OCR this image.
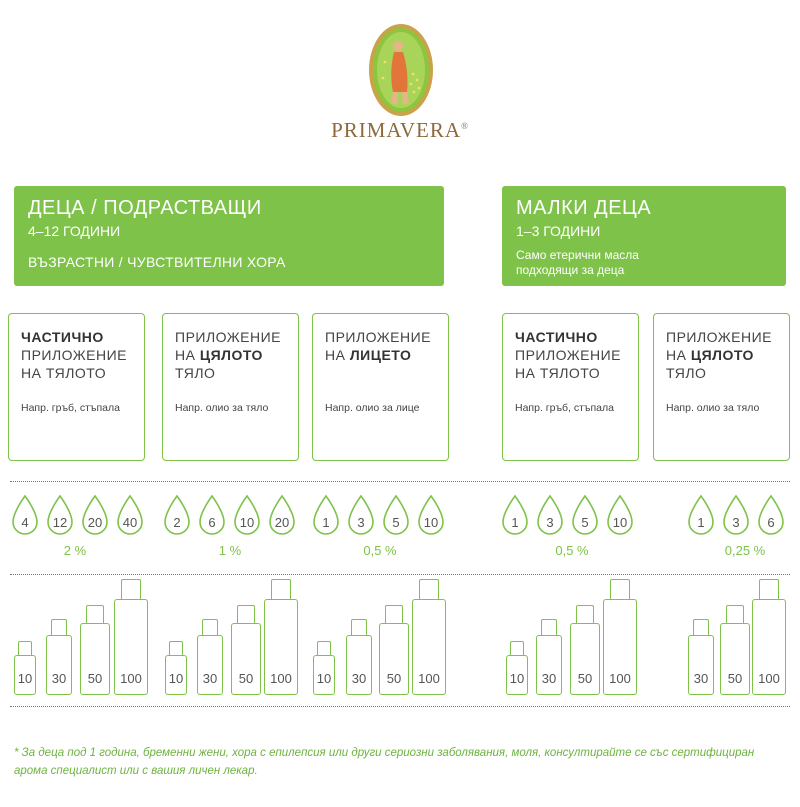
PRIMAVERA®
ДЕЦА / ПОДРАСТВАЩИ
4–12 ГОДИНИ
ВЪЗРАСТНИ / ЧУВСТВИТЕЛНИ ХОРА
МАЛКИ ДЕЦА
1–3 ГОДИНИ
Само етерични масла
подходящи за деца
ЧАСТИЧНО
ПРИЛОЖЕНИЕ
НА ТЯЛОТО
Напр. гръб, стъпала
ПРИЛОЖЕНИЕ
НА ЦЯЛОТО
ТЯЛО
Напр. олио за тяло
ПРИЛОЖЕНИЕ
НА ЛИЦЕТО

Напр. олио за лице
ЧАСТИЧНО
ПРИЛОЖЕНИЕ
НА ТЯЛОТО
Напр. гръб, стъпала
ПРИЛОЖЕНИЕ
НА ЦЯЛОТО
ТЯЛО
Напр. олио за тяло
4	12	20	40	2	6	10	20	1	3	5	10	1	3	5	10	1	3	6
2 %	1 %	0,5 %	0,5 %	0,25 %
10	30	50	100	10	30	50	100	10	30	50	100	10	30	50	100	30	50	100
* За деца под 1 година, бременни жени, хора с епилепсия или други сериозни заболявания, моля, консултирайте се със сертифициран арома специалист или с вашия личен лекар.
